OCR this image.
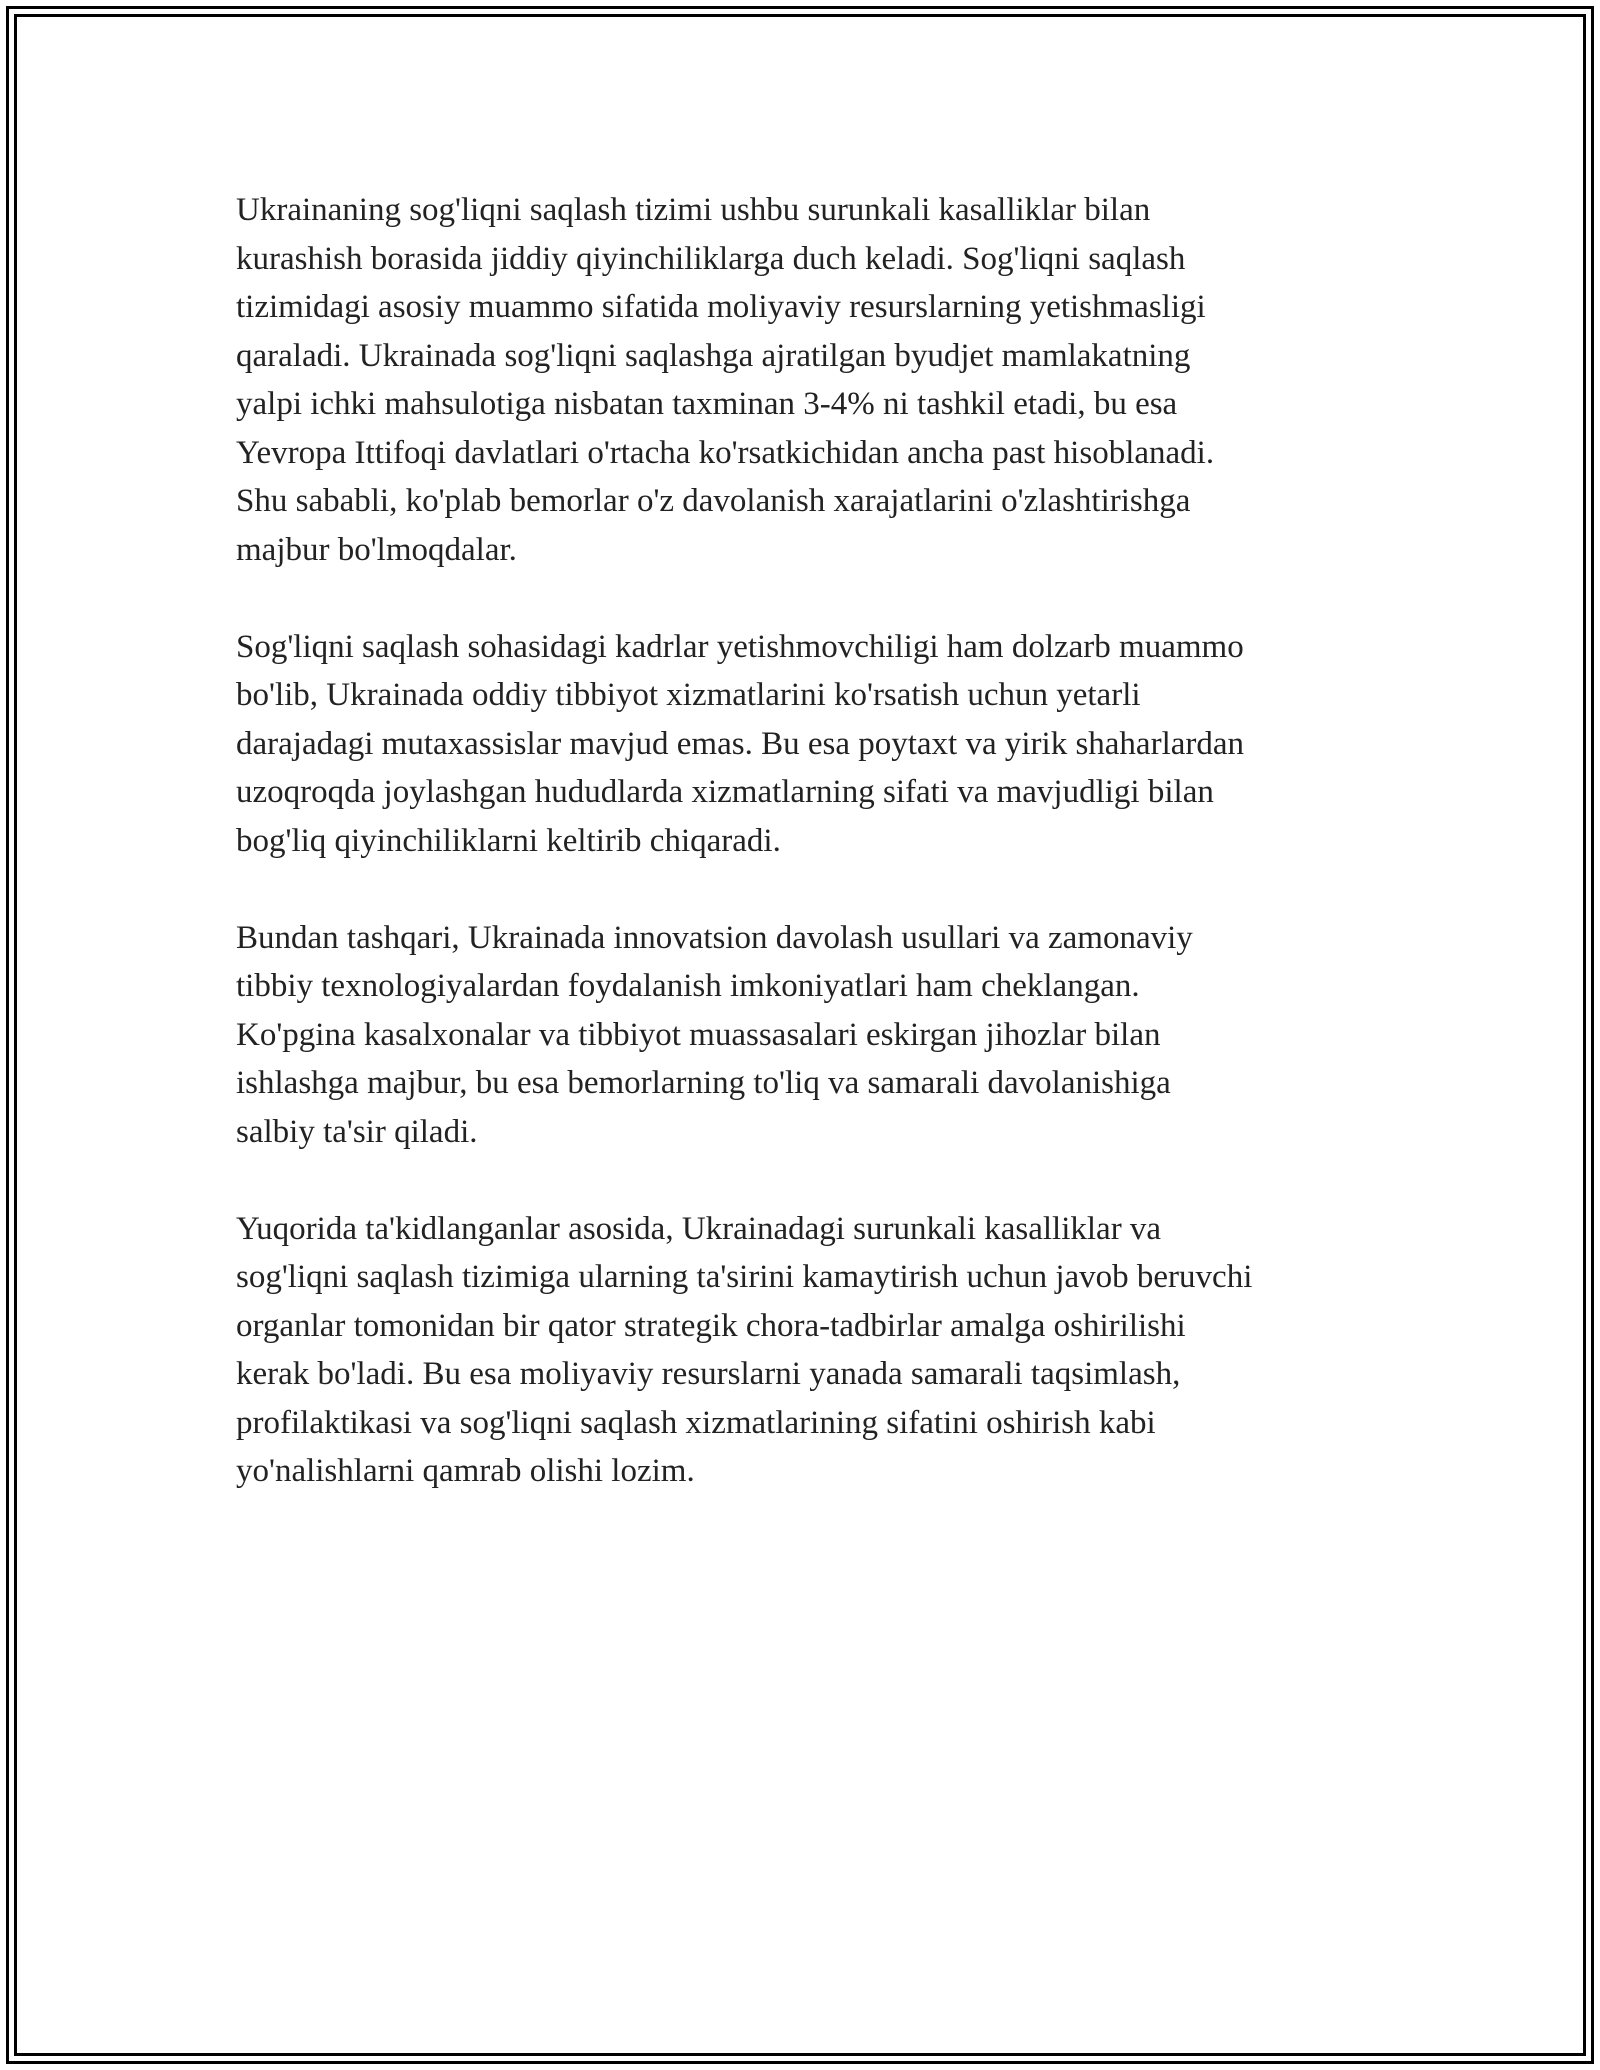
Ukrainaning sog'liqni saqlash tizimi ushbu surunkali kasalliklar bilan
kurashish borasida jiddiy qiyinchiliklarga duch keladi. Sog'liqni saqlash
tizimidagi asosiy muammo sifatida moliyaviy resurslarning yetishmasligi
qaraladi. Ukrainada sog'liqni saqlashga ajratilgan byudjet mamlakatning
yalpi ichki mahsulotiga nisbatan taxminan 3-4% ni tashkil etadi, bu esa
Yevropa Ittifoqi davlatlari o'rtacha ko'rsatkichidan ancha past hisoblanadi.
Shu sababli, ko'plab bemorlar o'z davolanish xarajatlarini o'zlashtirishga
majbur bo'lmoqdalar.

Sog'liqni saqlash sohasidagi kadrlar yetishmovchiligi ham dolzarb muammo
bo'lib, Ukrainada oddiy tibbiyot xizmatlarini ko'rsatish uchun yetarli
darajadagi mutaxassislar mavjud emas. Bu esa poytaxt va yirik shaharlardan
uzoqroqda joylashgan hududlarda xizmatlarning sifati va mavjudligi bilan
bog'liq qiyinchiliklarni keltirib chiqaradi.

Bundan tashqari, Ukrainada innovatsion davolash usullari va zamonaviy
tibbiy texnologiyalardan foydalanish imkoniyatlari ham cheklangan.
Ko'pgina kasalxonalar va tibbiyot muassasalari eskirgan jihozlar bilan
ishlashga majbur, bu esa bemorlarning to'liq va samarali davolanishiga
salbiy ta'sir qiladi.

Yuqorida ta'kidlanganlar asosida, Ukrainadagi surunkali kasalliklar va
sog'liqni saqlash tizimiga ularning ta'sirini kamaytirish uchun javob beruvchi
organlar tomonidan bir qator strategik chora-tadbirlar amalga oshirilishi
kerak bo'ladi. Bu esa moliyaviy resurslarni yanada samarali taqsimlash,
profilaktikasi va sog'liqni saqlash xizmatlarining sifatini oshirish kabi
yo'nalishlarni qamrab olishi lozim.
